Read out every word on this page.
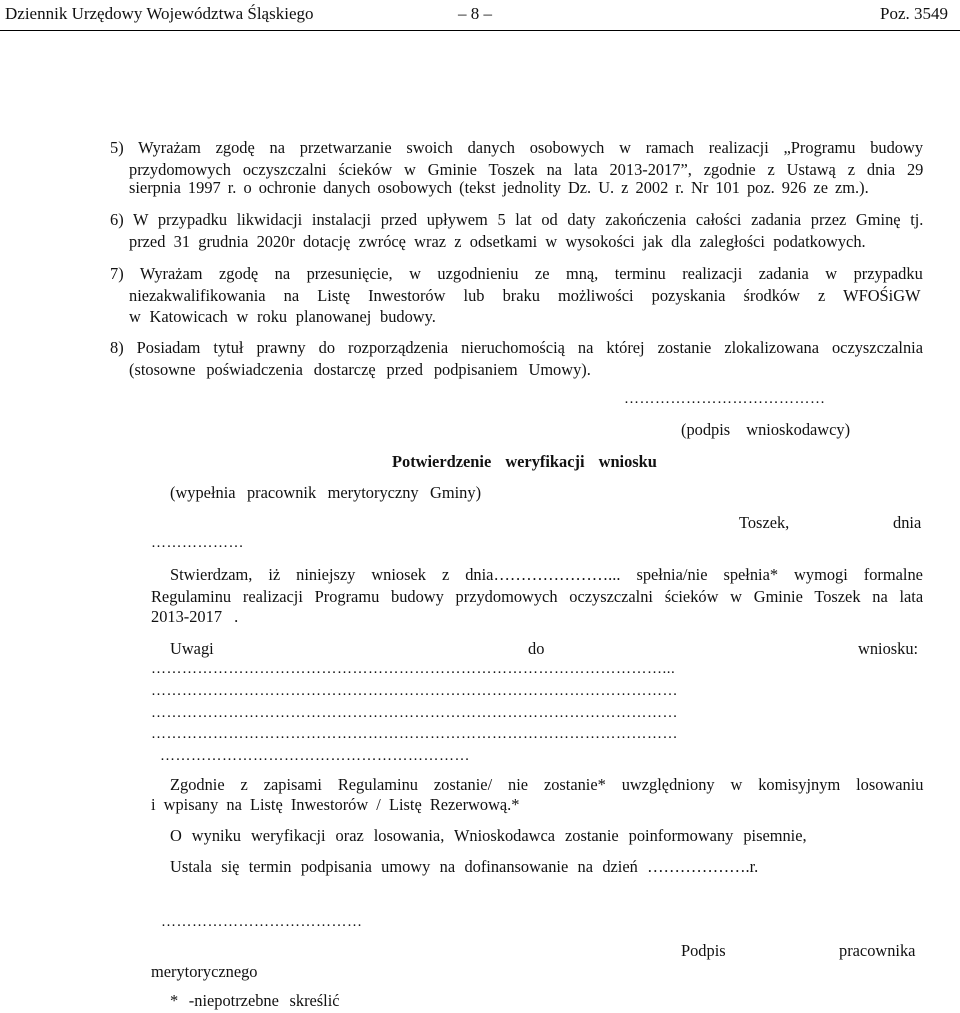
Dziennik Urzędowy Województwa Śląskiego	– 8 –	Poz. 3549
5) Wyrażam zgodę na przetwarzanie swoich danych osobowych w ramach realizacji „Programu budowy
przydomowych oczyszczalni ścieków w Gminie Toszek na lata 2013-2017”, zgodnie z Ustawą z dnia 29
sierpnia 1997 r. o ochronie danych osobowych (tekst jednolity Dz. U. z 2002 r. Nr 101 poz. 926 ze zm.).
6) W przypadku likwidacji instalacji przed upływem 5 lat od daty zakończenia całości zadania przez Gminę tj.
przed 31 grudnia 2020r dotację zwrócę wraz z odsetkami w wysokości jak dla zaległości podatkowych.
7) Wyrażam zgodę na przesunięcie, w uzgodnieniu ze mną, terminu realizacji zadania w przypadku
niezakwalifikowania na Listę Inwestorów lub braku możliwości pozyskania środków z WFOŚiGW
w Katowicach w roku planowanej budowy.
8) Posiadam tytuł prawny do rozporządzenia nieruchomością na której zostanie zlokalizowana oczyszczalnia
(stosowne poświadczenia dostarczę przed podpisaniem Umowy).
…………………………………
(podpis wnioskodawcy)
Potwierdzenie weryfikacji wniosku
(wypełnia pracownik merytoryczny Gminy)
Toszek,	dnia
………………
Stwierdzam, iż niniejszy wniosek z dnia…………………... spełnia/nie spełnia* wymogi formalne
Regulaminu realizacji Programu budowy przydomowych oczyszczalni ścieków w Gminie Toszek na lata
2013-2017 .
Uwagi	do	wniosku:
………………………………………………………………………………………...
…………………………………………………………………………………………
…………………………………………………………………………………………
…………………………………………………………………………………………
……………………………………………………
Zgodnie z zapisami Regulaminu zostanie/ nie zostanie* uwzględniony w komisyjnym losowaniu
i wpisany na Listę Inwestorów / Listę Rezerwową.*
O wyniku weryfikacji oraz losowania, Wnioskodawca zostanie poinformowany pisemnie,
Ustala się termin podpisania umowy na dofinansowanie na dzień ……………….r.
…………………………………
Podpis	pracownika
merytorycznego
* -niepotrzebne skreślić
